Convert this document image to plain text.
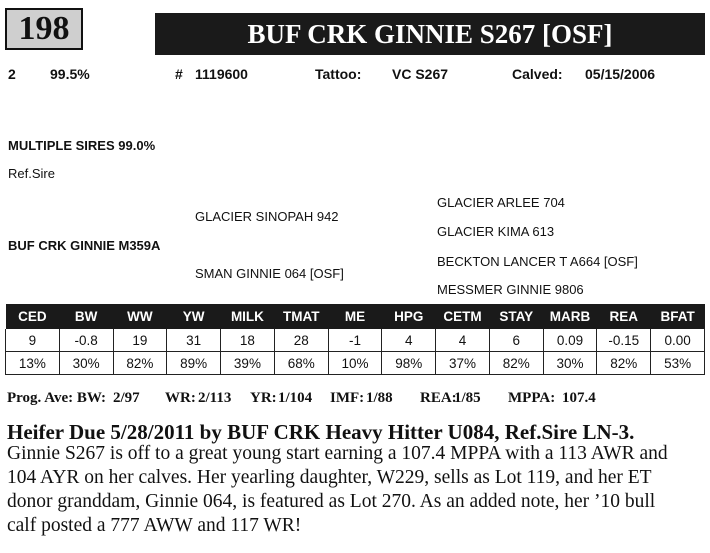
198	BUF CRK GINNIE S267 [OSF]
2 99.5%	# 1119600	Tattoo: VC S267	Calved: 05/15/2006
MULTIPLE SIRES 99.0%
Ref.Sire
BUF CRK GINNIE M359A
GLACIER SINOPAH 942
SMAN GINNIE 064 [OSF]
GLACIER ARLEE 704
GLACIER KIMA 613
BECKTON LANCER T A664 [OSF]
MESSMER GINNIE 9806
CED	BW	WW	YW	MILK	TMAT	ME	HPG	CETM	STAY	MARB	REA	BFAT
9	-0.8	19	31	18	28	-1	4	4	6	0.09	-0.15	0.00
13%	30%	82%	89%	39%	68%	10%	98%	37%	82%	30%	82%	53%
Prog. Ave: BW: 2/97 WR: 2/113 YR: 1/104 IMF: 1/88 REA:
1/85 MPPA: 107.4
Heifer Due 5/28/2011 by BUF CRK Heavy Hitter U084, Ref.Sire LN-3.
Ginnie S267 is off to a great young start earning a 107.4 MPPA with a 113 AWR and
104 AYR on her calves. Her yearling daughter, W229, sells as Lot 119, and her ET
donor granddam, Ginnie 064, is featured as Lot 270. As an added note, her ’10 bull
calf posted a 777 AWW and 117 WR!
